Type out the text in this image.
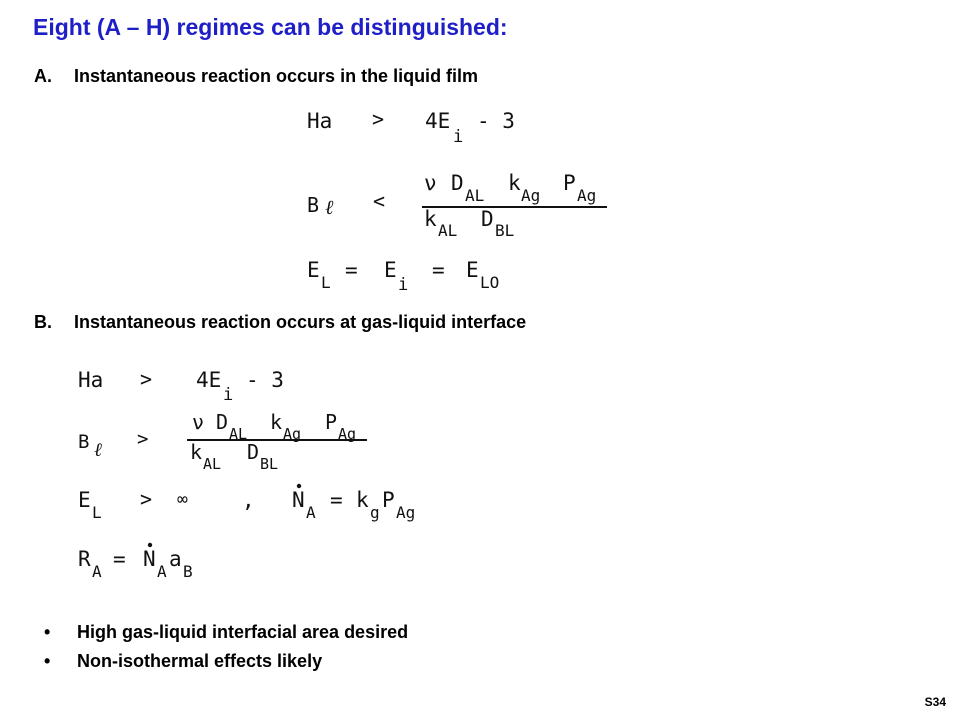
Eight (A – H) regimes can be distinguished:
A. Instantaneous reaction occurs in the liquid film
B. Instantaneous reaction occurs at gas-liquid interface
Ha > 4E
i
- 3
B ℓ <
ν D
AL
k
Ag
P
Ag
k AL D BL
E
L
= E
i
= E
LO
Ha > 4E
i
- 3
B ℓ >
ν D AL k Ag P Ag
k AL D BL
E
L
> ∞	, N
A
= k
g
P
Ag
R
A
= N
A
a
B
• High gas-liquid interfacial area desired
• Non-isothermal effects likely
S34
